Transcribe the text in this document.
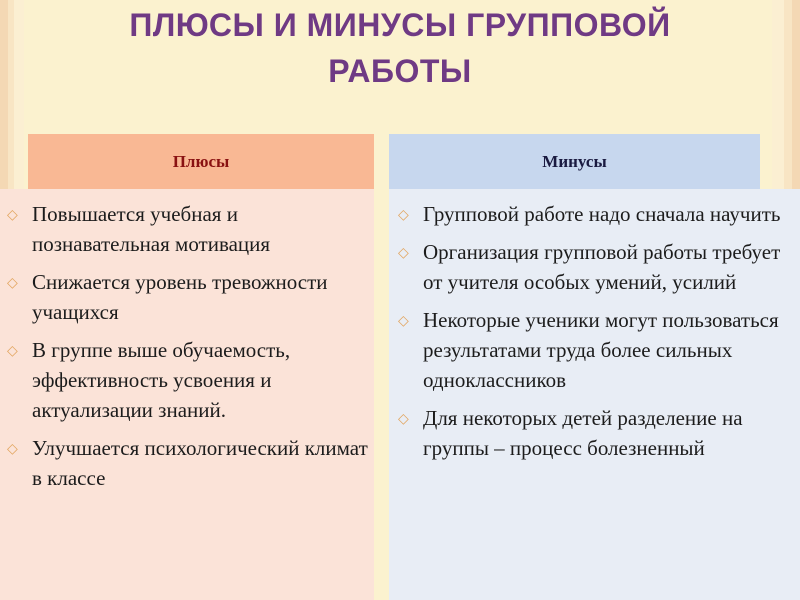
ПЛЮСЫ И МИНУСЫ ГРУППОВОЙ РАБОТЫ
Плюсы	Минусы
◇ Повышается учебная и познавательная мотивация
◇ Снижается уровень тревожности учащихся
◇ В группе выше обучаемость, эффективность усвоения и актуализации знаний.
◇ Улучшается психологический климат в классе
◇ Групповой работе надо сначала научить
◇ Организация групповой работы требует от учителя особых умений, усилий
◇ Некоторые ученики могут пользоваться результатами труда более сильных одноклассников
◇ Для некоторых детей разделение на группы – процесс болезненный
